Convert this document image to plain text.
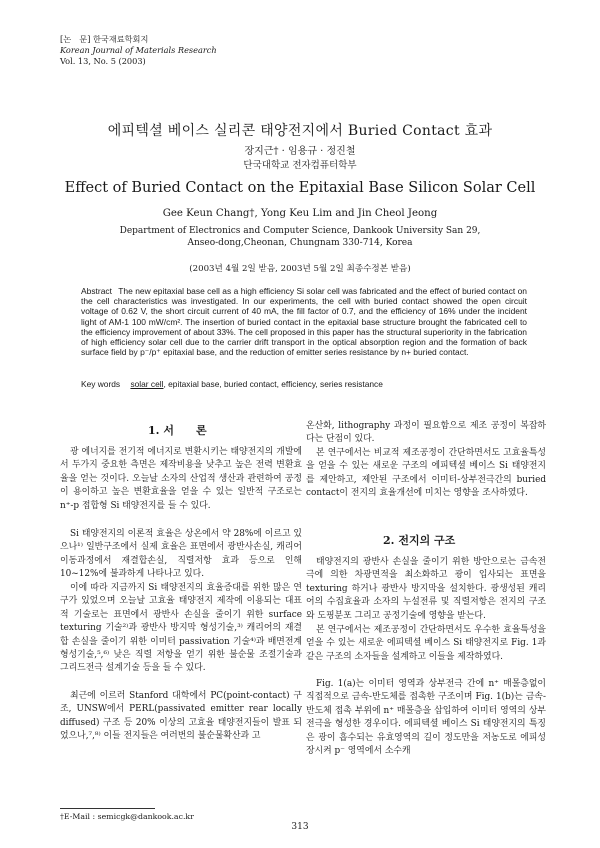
[논　문] 한국재료학회지
Korean Journal of Materials Research
Vol. 13, No. 5 (2003)
에피텍셜 베이스 실리콘 태양전지에서 Buried Contact 효과
장지근† · 임용규 · 정진철
단국대학교 전자컴퓨터학부
Effect of Buried Contact on the Epitaxial Base Silicon Solar Cell
Gee Keun Chang†, Yong Keu Lim and Jin Cheol Jeong
Department of Electronics and Computer Science, Dankook University San 29,
Anseo-dong,Cheonan, Chungnam 330-714, Korea
(2003년 4월 2일 받음, 2003년 5월 2일 최종수정본 받음)
Abstract The new epitaxial base cell as a high efficiency Si solar cell was fabricated and the effect of buried contact on the cell characteristics was investigated. In our experiments, the cell with buried contact showed the open circuit voltage of 0.62 V, the short circuit current of 40 mA, the fill factor of 0.7, and the efficiency of 16% under the incident light of AM-1 100 mW/cm². The insertion of buried contact in the epitaxial base structure brought the fabricated cell to the efficiency improvement of about 33%. The cell proposed in this paper has the structural superiority in the fabrication of high efficiency solar cell due to the carrier drift transport in the optical absorption region and the formation of back surface field by p⁻/p⁺ epitaxial base, and the reduction of emitter series resistance by n+ buried contact.
Key words solar cell, epitaxial base, buried contact, efficiency, series resistance
1. 서　　론
광 에너지를 전기적 에너지로 변환시키는 태양전지의 개발에서 두가지 중요한 측면은 제작비용을 낮추고 높은 전력 변환효율을 얻는 것이다. 오늘날 소자의 산업적 생산과 관련하여 공정이 용이하고 높은 변환효율을 얻을 수 있는 일반적 구조로는 n⁺-p 접합형 Si 태양전지를 들 수 있다.
Si 태양전지의 이론적 효율은 상온에서 약 28%에 이르고 있으나¹⁾ 일반구조에서 실제 효율은 표면에서 광반사손실, 캐리어 이동과정에서 재결합손실, 직렬저항 효과 등으로 인해 10~12%에 불과하게 나타나고 있다.
이에 따라 지금까지 Si 태양전지의 효율증대를 위한 많은 연구가 있었으며 오늘날 고효율 태양전지 제작에 이용되는 대표적 기술로는 표면에서 광반사 손실을 줄이기 위한 surface texturing 기술²⁾과 광반사 방지막 형성기술,³⁾ 캐리어의 재결합 손실을 줄이기 위한 이미터 passivation 기술⁴⁾과 배면전계 형성기술,⁵,⁶⁾ 낮은 직렬 저항을 얻기 위한 불순물 조절기술과 그리드전극 설계기술 등을 들 수 있다.
최근에 이르러 Stanford 대학에서 PC(point-contact) 구조, UNSW에서 PERL(passivated emitter rear locally diffused) 구조 등 20% 이상의 고효율 태양전지들이 발표 되었으나,⁷,⁸⁾ 이들 전지들은 여러번의 불순물확산과 고
온산화, lithography 과정이 필요함으로 제조 공정이 복잡하다는 단점이 있다.
본 연구에서는 비교적 제조공정이 간단하면서도 고효율특성을 얻을 수 있는 새로운 구조의 에피텍셜 베이스 Si 태양전지를 제안하고, 제안된 구조에서 이미터-상부전극간의 buried contact이 전지의 효율개선에 미치는 영향을 조사하였다.
2. 전지의 구조
태양전지의 광반사 손실을 줄이기 위한 방안으로는 금속전극에 의한 차광면적을 최소화하고 광이 입사되는 표면을 texturing 하거나 광반사 방지막을 설치한다. 광생성된 캐리어의 수집효율과 소자의 누설전류 및 직렬저항은 전지의 구조와 도핑분포 그리고 공정기술에 영향을 받는다.
본 연구에서는 제조공정이 간단하면서도 우수한 효율특성을 얻을 수 있는 새로운 에피텍셜 베이스 Si 태양전지로 Fig. 1과 같은 구조의 소자들을 설계하고 이들을 제작하였다.
Fig. 1(a)는 이미터 영역과 상부전극 간에 n⁺ 매몰층없이 직접적으로 금속-반도체를 접촉한 구조이며 Fig. 1(b)는 금속-반도체 접촉 부위에 n⁺ 매몰층을 삽입하여 이미터 영역의 상부전극을 형성한 경우이다. 에피텍셜 베이스 Si 태양전지의 특징은 광이 흡수되는 유효영역의 길이 정도만을 저농도로 에피성장시켜 p⁻ 영역에서 소수캐
†E-Mail : semicgk@dankook.ac.kr
313
